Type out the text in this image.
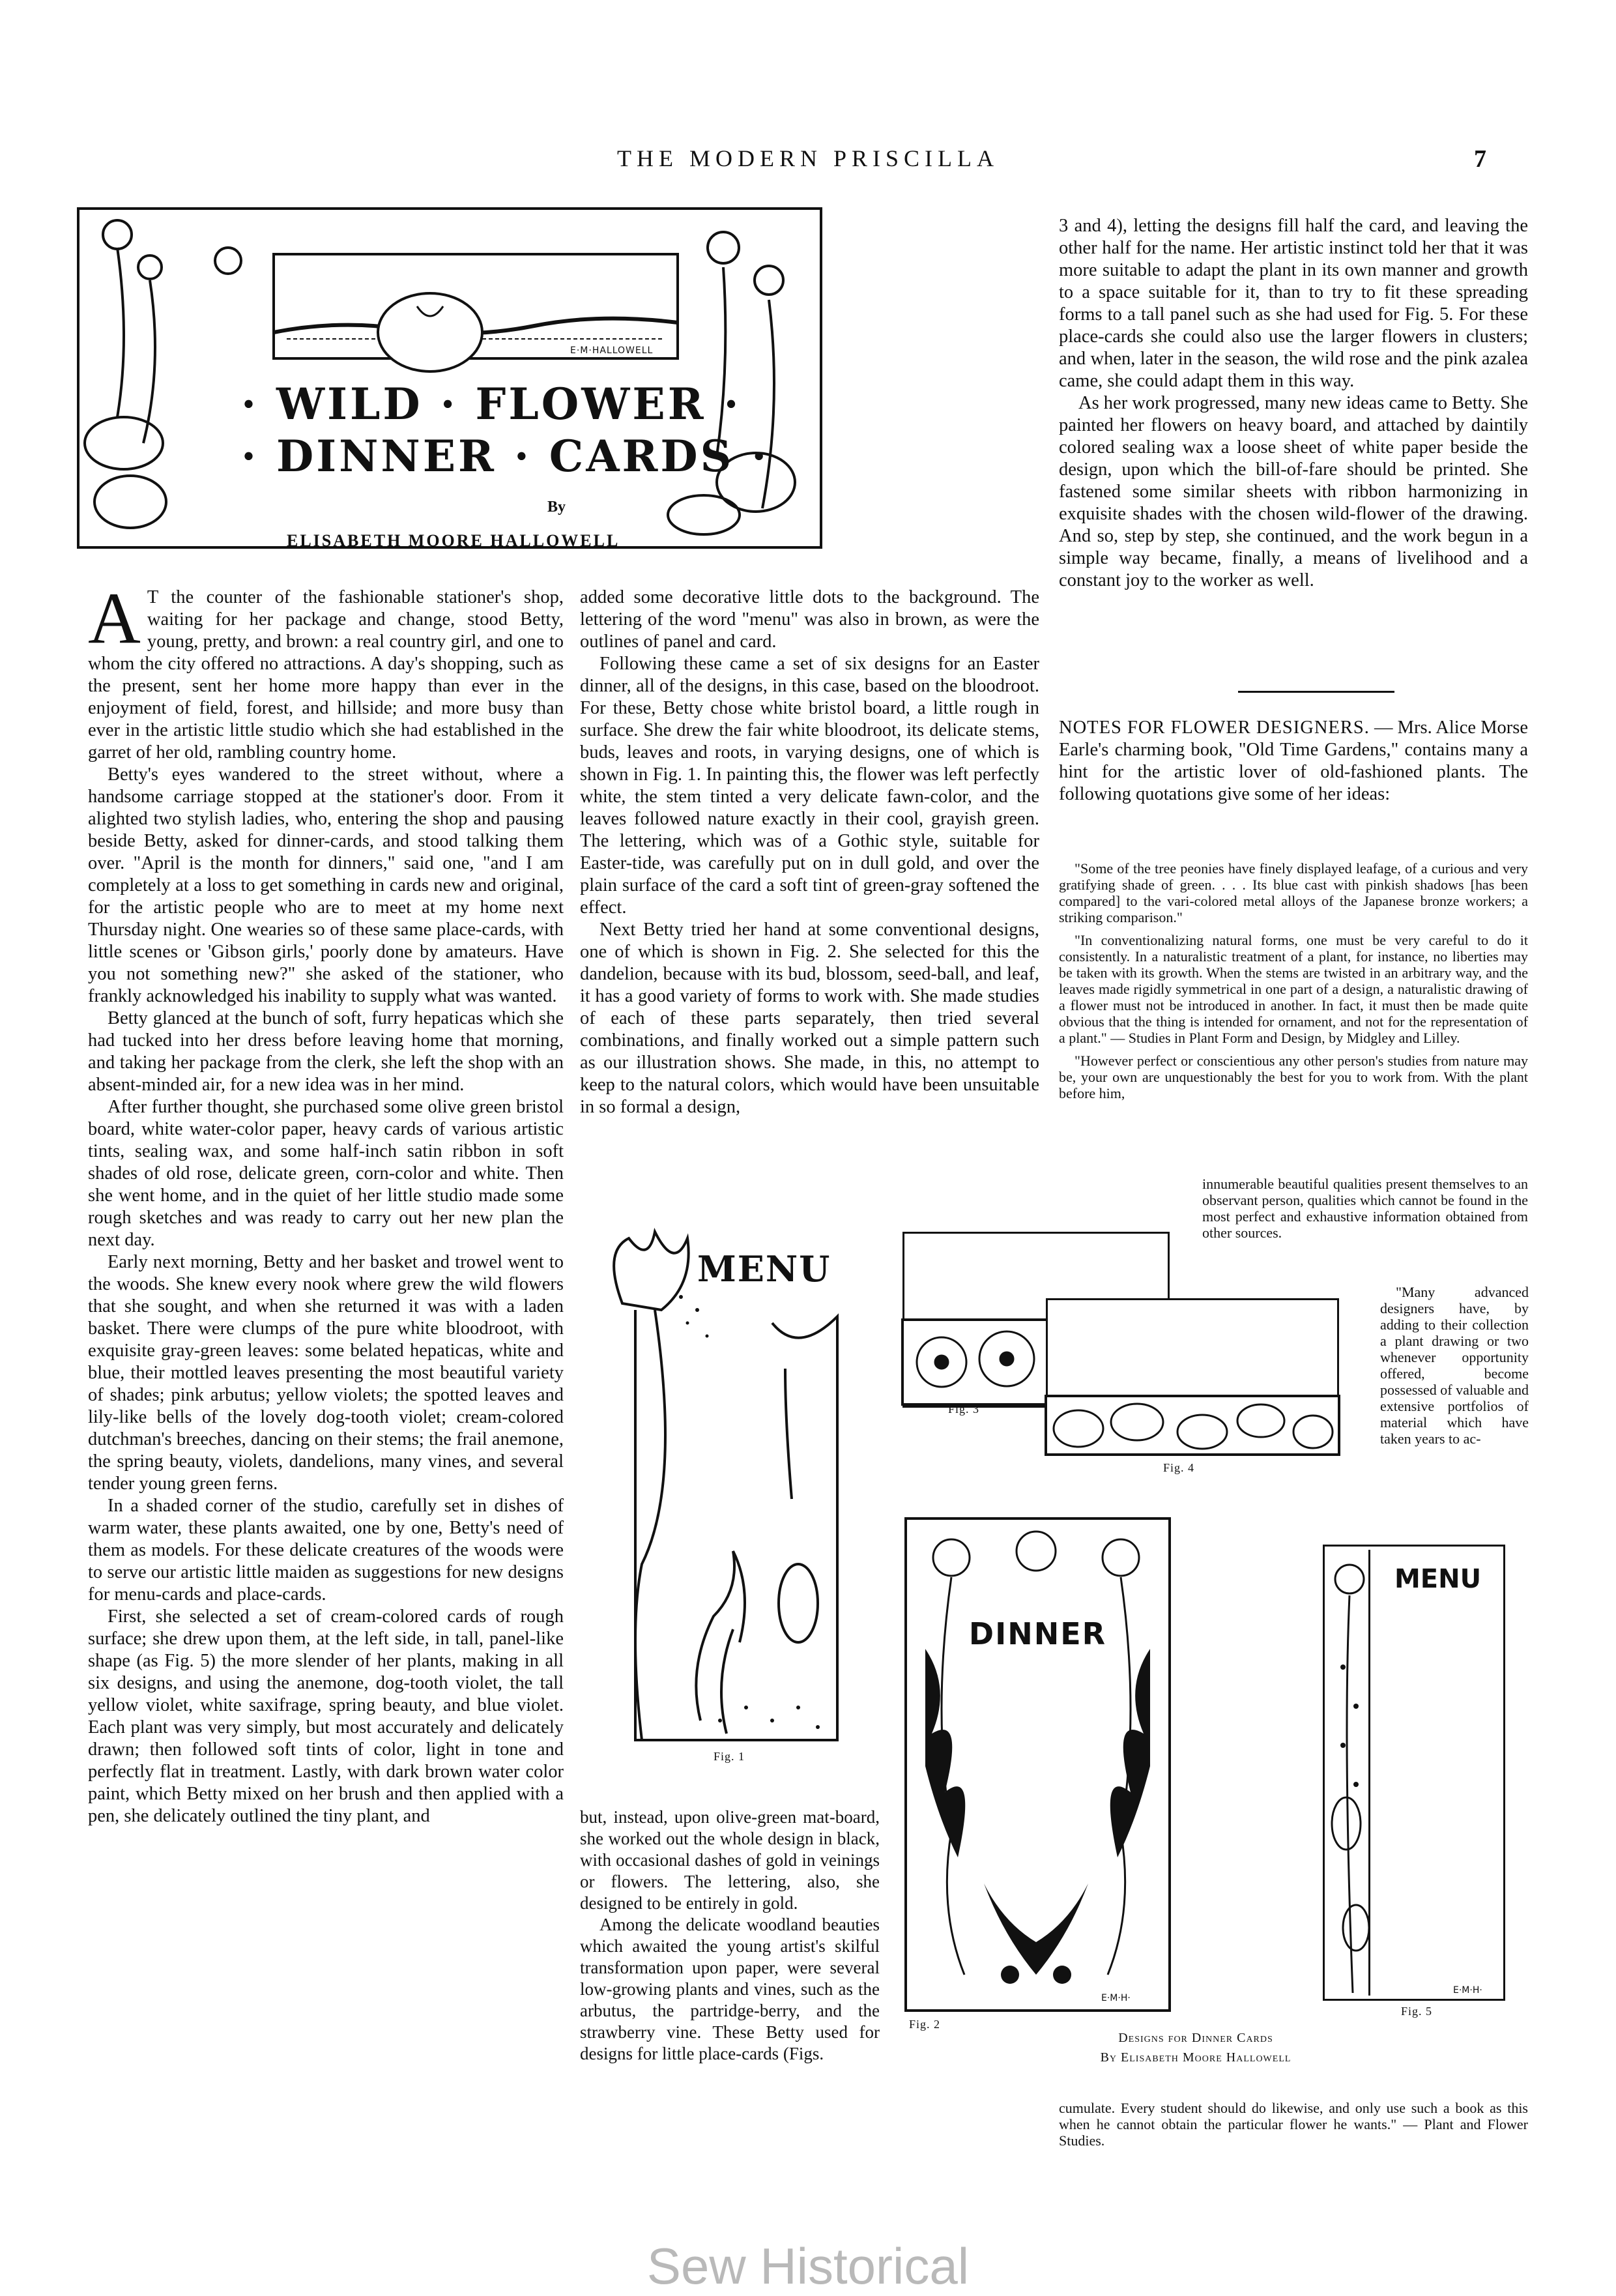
THE MODERN PRISCILLA	7
E·M·HALLOWELL
· WILD · FLOWER ·
· DINNER · CARDS ·
By
ELISABETH MOORE HALLOWELL

A T the counter of the fashionable stationer's shop, waiting for her package and change, stood Betty, young, pretty, and brown: a real country girl, and one to whom the city offered no attractions. A day's shopping, such as the present, sent her home more happy than ever in the enjoyment of field, forest, and hillside; and more busy than ever in the artistic little studio which she had established in the garret of her old, rambling country home.

Betty's eyes wandered to the street without, where a handsome carriage stopped at the stationer's door. From it alighted two stylish ladies, who, entering the shop and pausing beside Betty, asked for dinner-cards, and stood talking them over. "April is the month for dinners," said one, "and I am completely at a loss to get something in cards new and original, for the artistic people who are to meet at my home next Thursday night. One wearies so of these same place-cards, with little scenes or 'Gibson girls,' poorly done by amateurs. Have you not something new?" she asked of the stationer, who frankly acknowledged his inability to supply what was wanted.

Betty glanced at the bunch of soft, furry hepaticas which she had tucked into her dress before leaving home that morning, and taking her package from the clerk, she left the shop with an absent-minded air, for a new idea was in her mind.

After further thought, she purchased some olive green bristol board, white water-color paper, heavy cards of various artistic tints, sealing wax, and some half-inch satin ribbon in soft shades of old rose, delicate green, corn-color and white. Then she went home, and in the quiet of her little studio made some rough sketches and was ready to carry out her new plan the next day.

Early next morning, Betty and her basket and trowel went to the woods. She knew every nook where grew the wild flowers that she sought, and when she returned it was with a laden basket. There were clumps of the pure white bloodroot, with exquisite gray-green leaves: some belated hepaticas, white and blue, their mottled leaves presenting the most beautiful variety of shades; pink arbutus; yellow violets; the spotted leaves and lily-like bells of the lovely dog-tooth violet; cream-colored dutchman's breeches, dancing on their stems; the frail anemone, the spring beauty, violets, dandelions, many vines, and several tender young green ferns.

In a shaded corner of the studio, carefully set in dishes of warm water, these plants awaited, one by one, Betty's need of them as models. For these delicate creatures of the woods were to serve our artistic little maiden as suggestions for new designs for menu-cards and place-cards.

First, she selected a set of cream-colored cards of rough surface; she drew upon them, at the left side, in tall, panel-like shape (as Fig. 5) the more slender of her plants, making in all six designs, and using the anemone, dog-tooth violet, the tall yellow violet, white saxifrage, spring beauty, and blue violet. Each plant was very simply, but most accurately and delicately drawn; then followed soft tints of color, light in tone and perfectly flat in treatment. Lastly, with dark brown water color paint, which Betty mixed on her brush and then applied with a pen, she delicately outlined the tiny plant, and

added some decorative little dots to the background. The lettering of the word "menu" was also in brown, as were the outlines of panel and card.

Following these came a set of six designs for an Easter dinner, all of the designs, in this case, based on the bloodroot. For these, Betty chose white bristol board, a little rough in surface. She drew the fair white bloodroot, its delicate stems, buds, leaves and roots, in varying designs, one of which is shown in Fig. 1. In painting this, the flower was left perfectly white, the stem tinted a very delicate fawn-color, and the leaves followed nature exactly in their cool, grayish green. The lettering, which was of a Gothic style, suitable for Easter-tide, was carefully put on in dull gold, and over the plain surface of the card a soft tint of green-gray softened the effect.

Next Betty tried her hand at some conventional designs, one of which is shown in Fig. 2. She selected for this the dandelion, because with its bud, blossom, seed-ball, and leaf, it has a good variety of forms to work with. She made studies of each of these parts separately, then tried several combinations, and finally worked out a simple pattern such as our illustration shows. She made, in this, no attempt to keep to the natural colors, which would have been unsuitable in so formal a design,

but, instead, upon olive-green mat-board, she worked out the whole design in black, with occasional dashes of gold in veinings or flowers. The lettering, also, she designed to be entirely in gold.

Among the delicate woodland beauties which awaited the young artist's skilful transformation upon paper, were several low-growing plants and vines, such as the arbutus, the partridge-berry, and the strawberry vine. These Betty used for designs for little place-cards (Figs.

3 and 4), letting the designs fill half the card, and leaving the other half for the name. Her artistic instinct told her that it was more suitable to adapt the plant in its own manner and growth to a space suitable for it, than to try to fit these spreading forms to a tall panel such as she had used for Fig. 5. For these place-cards she could also use the larger flowers in clusters; and when, later in the season, the wild rose and the pink azalea came, she could adapt them in this way.

As her work progressed, many new ideas came to Betty. She painted her flowers on heavy board, and attached by daintily colored sealing wax a loose sheet of white paper beside the design, upon which the bill-of-fare should be printed. She fastened some similar sheets with ribbon harmonizing in exquisite shades with the chosen wild-flower of the drawing. And so, step by step, she continued, and the work begun in a simple way became, finally, a means of livelihood and a constant joy to the worker as well.

NOTES FOR FLOWER DESIGNERS. — Mrs. Alice Morse Earle's charming book, "Old Time Gardens," contains many a hint for the artistic lover of old-fashioned plants. The following quotations give some of her ideas:

"Some of the tree peonies have finely displayed leafage, of a curious and very gratifying shade of green. . . . Its blue cast with pinkish shadows [has been compared] to the vari-colored metal alloys of the Japanese bronze workers; a striking comparison."

"In conventionalizing natural forms, one must be very careful to do it consistently. In a naturalistic treatment of a plant, for instance, no liberties may be taken with its growth. When the stems are twisted in an arbitrary way, and the leaves made rigidly symmetrical in one part of a design, a naturalistic drawing of a flower must not be introduced in another. In fact, it must then be made quite obvious that the thing is intended for ornament, and not for the representation of a plant." — Studies in Plant Form and Design, by Midgley and Lilley.

"However perfect or conscientious any other person's studies from nature may be, your own are unquestionably the best for you to work from. With the plant before him,

innumerable beautiful qualities present themselves to an observant person, qualities which cannot be found in the most perfect and exhaustive information obtained from other sources.

"Many advanced designers have, by adding to their collection a plant drawing or two whenever opportunity offered, become possessed of valuable and extensive portfolios of material which have taken years to ac-

cumulate. Every student should do likewise, and only use such a book as this when he cannot obtain the particular flower he wants." — Plant and Flower Studies.

MENU
Fig. 1
Fig. 3
Fig. 4
DINNER
E·M·H·
Fig. 2
MENU
E·M·H·
Fig. 5
Designs for Dinner Cards
By Elisabeth Moore Hallowell
Sew Historical
